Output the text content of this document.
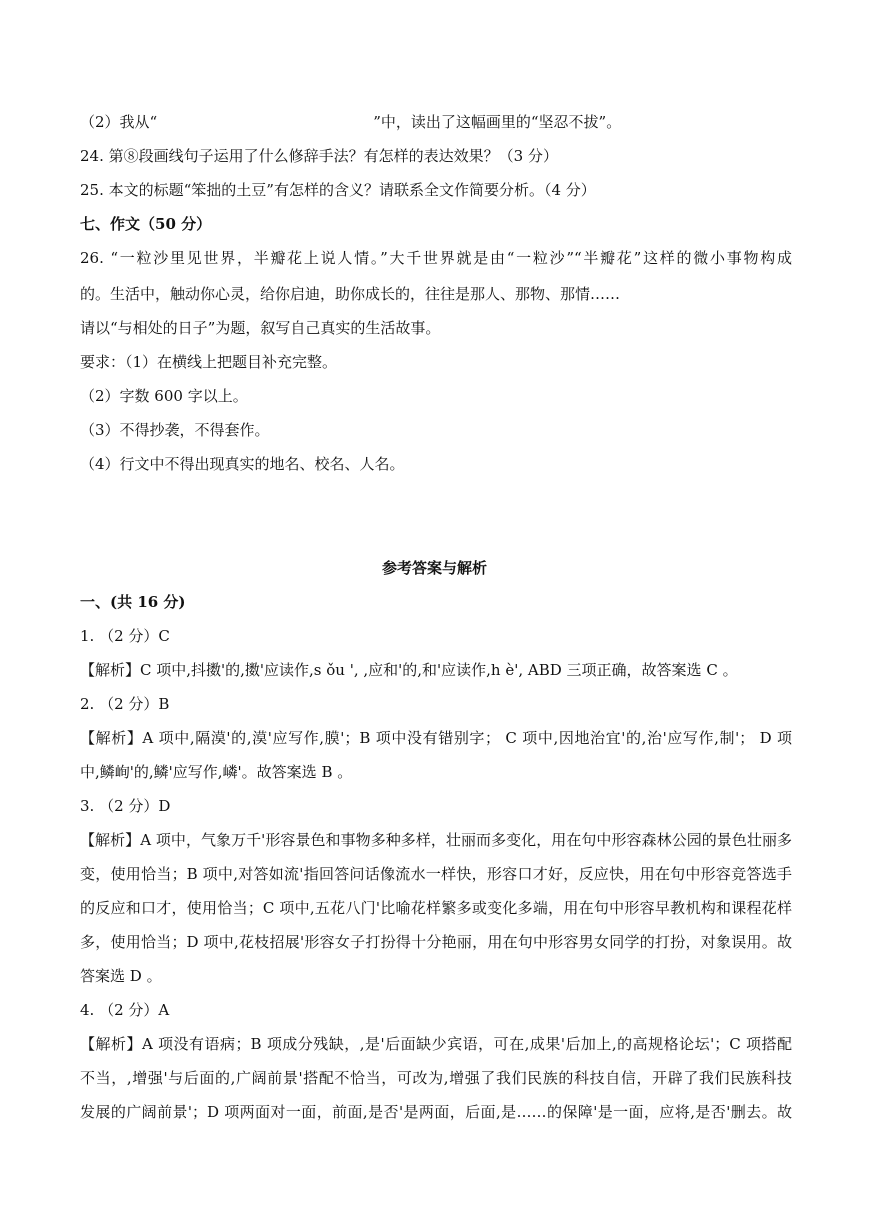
（2）我从“	”中，读出了这幅画里的“坚忍不拔”。
24. 第⑧段画线句子运用了什么修辞手法？有怎样的表达效果？（3 分）
25. 本文的标题“笨拙的土豆”有怎样的含义？请联系全文作简要分析。（4 分）
七、作文（50 分）
26. “一粒沙里见世界，半瓣花上说人情。”大千世界就是由“一粒沙”“半瓣花”这样的微小事物构成
的。生活中，触动你心灵，给你启迪，助你成长的，往往是那人、那物、那情……
请以“与相处的日子”为题，叙写自己真实的生活故事。
要求：（1）在横线上把题目补充完整。
（2）字数 600 字以上。
（3）不得抄袭，不得套作。
（4）行文中不得出现真实的地名、校名、人名。
参考答案与解析
一、(共 16 分)
1. （2 分）C
【解析】C 项中,抖擞'的,擞'应读作,s ǒu ', ,应和'的,和'应读作,h è', ABD 三项正确，故答案选 C 。
2. （2 分）B
【解析】A 项中,隔漠'的,漠'应写作,膜'；B 项中没有错别字； C 项中,因地治宜'的,治'应写作,制'； D 项
中,鳞峋'的,鳞'应写作,嶙'。故答案选 B 。
3. （2 分）D
【解析】A 项中，气象万千'形容景色和事物多种多样，壮丽而多变化，用在句中形容森林公园的景色壮丽多
变，使用恰当；B 项中,对答如流'指回答问话像流水一样快，形容口才好，反应快，用在句中形容竞答选手
的反应和口才，使用恰当；C 项中,五花八门'比喻花样繁多或变化多端，用在句中形容早教机构和课程花样
多，使用恰当；D 项中,花枝招展'形容女子打扮得十分艳丽，用在句中形容男女同学的打扮，对象误用。故
答案选 D 。
4. （2 分）A
【解析】A 项没有语病；B 项成分残缺，,是'后面缺少宾语，可在,成果'后加上,的高规格论坛'；C 项搭配
不当，,增强'与后面的,广阔前景'搭配不恰当，可改为,增强了我们民族的科技自信，开辟了我们民族科技
发展的广阔前景'；D 项两面对一面，前面,是否'是两面，后面,是……的保障'是一面，应将,是否'删去。故
